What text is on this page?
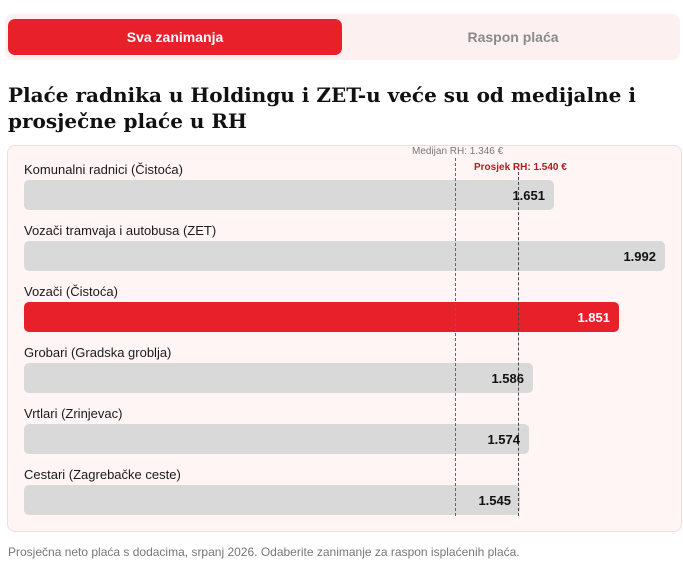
Sva zanimanja	Raspon plaća
Plaće radnika u Holdingu i ZET-u veće su od medijalne i prosječne plaće u RH
Medijan RH: 1.346 €
Prosjek RH: 1.540 €
Komunalni radnici (Čistoća)
1.651
Vozači tramvaja i autobusa (ZET)
1.992
Vozači (Čistoća)
1.851
Grobari (Gradska groblja)
1.586
Vrtlari (Zrinjevac)
1.574
Cestari (Zagrebačke ceste)
1.545
Prosječna neto plaća s dodacima, srpanj 2026. Odaberite zanimanje za raspon isplaćenih plaća.
